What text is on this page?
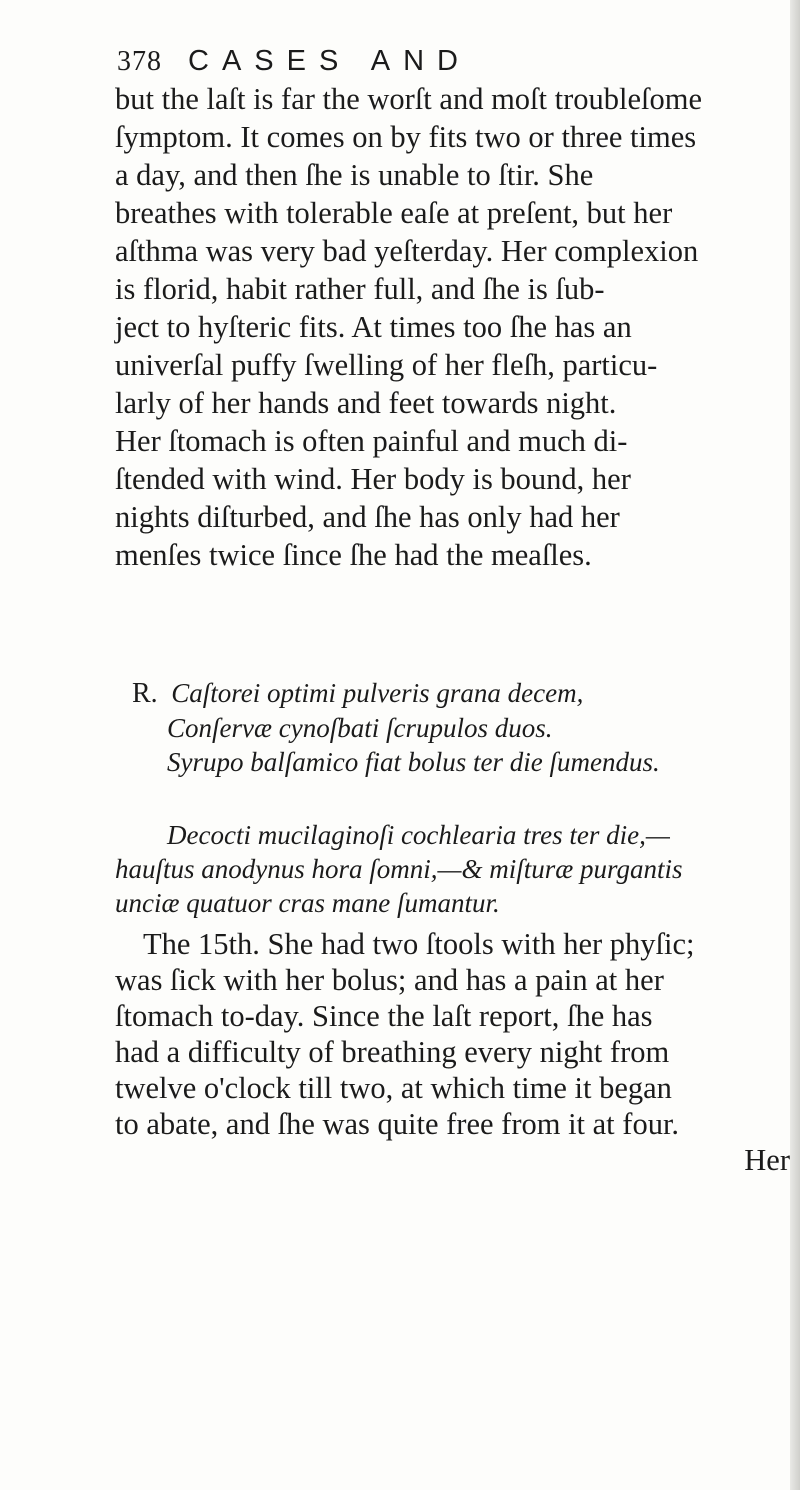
378 CASES AND

but the laſt is far the worſt and moſt troubleſome
ſymptom. It comes on by fits two or three times
a day, and then ſhe is unable to ſtir. She
breathes with tolerable eaſe at preſent, but her
aſthma was very bad yeſterday. Her complexion
is florid, habit rather full, and ſhe is ſub-
ject to hyſteric fits. At times too ſhe has an
univerſal puffy ſwelling of her fleſh, particu-
larly of her hands and feet towards night.
Her ſtomach is often painful and much di-
ſtended with wind. Her body is bound, her
nights diſturbed, and ſhe has only had her
menſes twice ſince ſhe had the meaſles.

R. Caſtorei optimi pulveris grana decem,
Conſervæ cynoſbati ſcrupulos duos.
Syrupo balſamico fiat bolus ter die ſumendus.

Decocti mucilaginoſi cochlearia tres ter die,—
hauſtus anodynus hora ſomni,—& miſturæ purgantis
unciæ quatuor cras mane ſumantur.

The 15th. She had two ſtools with her phyſic;
was ſick with her bolus; and has a pain at her
ſtomach to-day. Since the laſt report, ſhe has
had a difficulty of breathing every night from
twelve o'clock till two, at which time it began
to abate, and ſhe was quite free from it at four.
Her
